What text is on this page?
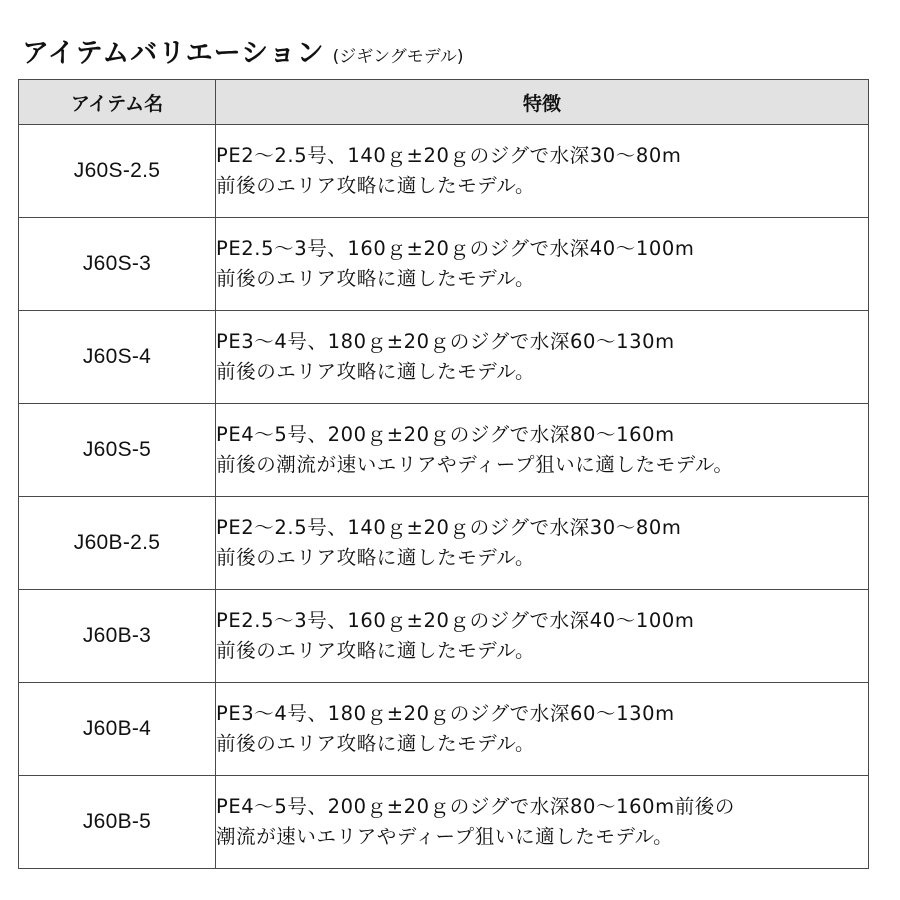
アイテムバリエーション (ジギングモデル)
アイテム名	特徴
J60S-2.5	PE2〜2.5号、140ｇ±20ｇのジグで水深30〜80m
前後のエリア攻略に適したモデル。

J60S-3	PE2.5〜3号、160ｇ±20ｇのジグで水深40〜100m
前後のエリア攻略に適したモデル。

J60S-4	PE3〜4号、180ｇ±20ｇのジグで水深60〜130m
前後のエリア攻略に適したモデル。

J60S-5	PE4〜5号、200ｇ±20ｇのジグで水深80〜160m
前後の潮流が速いエリアやディープ狙いに適したモデル。

J60B-2.5	PE2〜2.5号、140ｇ±20ｇのジグで水深30〜80m
前後のエリア攻略に適したモデル。

J60B-3	PE2.5〜3号、160ｇ±20ｇのジグで水深40〜100m
前後のエリア攻略に適したモデル。

J60B-4	PE3〜4号、180ｇ±20ｇのジグで水深60〜130m
前後のエリア攻略に適したモデル。

J60B-5	PE4〜5号、200ｇ±20ｇのジグで水深80〜160m前後の
潮流が速いエリアやディープ狙いに適したモデル。
